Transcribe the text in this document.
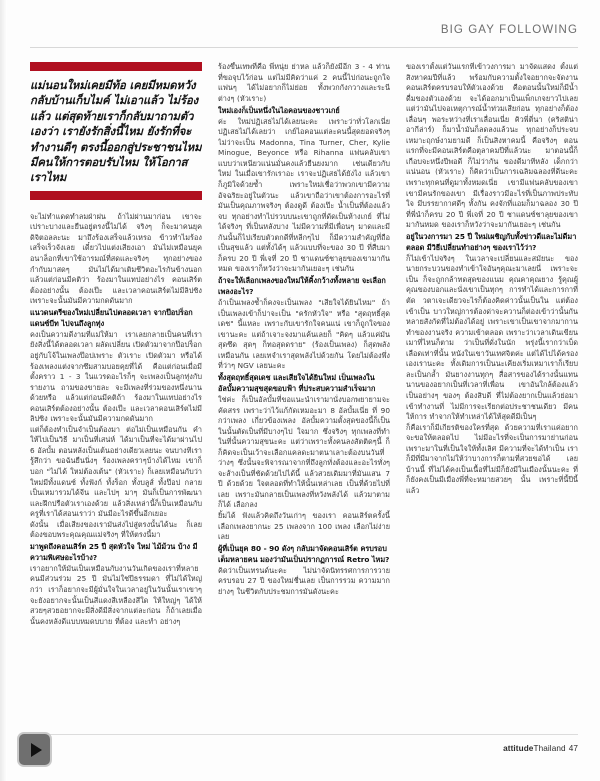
BIG GAY FOLLOWING
แม่นอนใหม่เคยมีท้อ เคยมีหมดหวัง กลับบ้านเก็บไมค์ ไม่เอาแล้ว ไม่ร้องแล้ว แต่สุดท้ายเราก็กลับมาถามตัวเองว่า เรายังรักสิ่งนี้ไหม ยังรักที่จะทำงานดีๆ ตรงนี้ออกสู่ประชาชนไหม มีคนให้การตอบรับไหม ให้โอกาสเราไหม

จะไม่ทำแดดทำลมฝ่าฝน ถ้าไม่ผ่านมาก่อน เขาจะเปราะบางและยืนอยู่ตรงนี้ไม่ได้ จริงๆ ก็จะมาคนยุคดิจิตอลละนะ มาถึงร้องเสร็จแล้วเหรอ ข้าวทำไมร้องเสร็จเร็วจังเลย เดี๋ยวไปแต่งเสียงเอา มันไม่เหมือนยุคอนาล็อกที่เขาใช้อารมณ์ที่สดและจริงๆ ทุกอย่างของกำกับมาสดๆ มันไม่ได้มาเติมชีวิตอะไรกันข้างนอก แล้วแต่ก่อนมีคติว่า ร้องมาในแทปอย่างไร คอนเสิร์ตต้องอย่างนั้น ต้องเป๊ะ และเวลาคอนเสิร์ตไม่มีลิปซิง เพราะจะนั้นมันมีความกดดันมาก

แนวดนตรีของใหม่เปลี่ยนไปตลอดเวลา จากป๊อปร็อก แดนซ์บีท ไปจนถึงลูกทุ่ง

คงเป็นความดีงามที่แม่ให้มา เราเลยกลายเป็นคนที่เรายังสิ่งนี้ได้ตลอดเวลา ผลัดเปลี่ยน เปิดตัวมาจากป๊อปร็อก อยู่กับโจ้ในเพลงป๊อปเพราะ ตัวเราะ เปิดตัวมา หรือได้ร้องเพลงแต่งจากซึมสามบอยคุยที่ได้ คือแต่ก่อนเมื่อมีตั้งคราว 1 - 3 ในแวรดอะไรก็ๆ จะเพลงเป็นลูกทุ่งกับรายงาน ถามของขายละ จะมีเพลงที่ร่วมของหนึ่งนานด้วยหรือ แล้วแต่ก่อนมีคติถ้า ร้องมาในแทปอย่างไร คอนเสิร์ตต้องอย่างนั้น ต้องเป๊ะ และเวลาคอนเสิร์ตไม่มีลิปซิง เพราะจะนั้นมันมีความกดดันมาก

แต่ก็ต้องทำเป็นจำเป็นต้องมา ต่อไม่เป็นเหมือนกัน คำให้ไปเป็นวิธี มาเป็นที่เสน่ห์ ได้มาเป็นที่จะได้มาผ่านไป 6 อัลบั้ม ตอนหลังเป็นเต้นอย่างเดียวเลยนะ จนบางทีเรารู้สึกว่า ขอฉันยืนนิ่งๆ ร้องเพลงคราๆบ้างได้ไหม เขาก็บอก "ไม่ได้ ใหม่ต้องเต้น" (หัวเราะ) ก็เลยเหมือนกับว่า ใหม่มีทั้งแดนซ์ ทั้งฟังก์ ทั้งร็อก ทั้งบลูส์ ทั้งป๊อป กลายเป็นเหมารวมได้จีน และไปๆ มาๆ มันก็เป็นการพัฒนาและฝึกปรือตัวเราเองด้วย แล้วสิ่งเหล่านี้ก็เป็นเหมือนกับครูที่เราได้สอนเราว่า มันมีอะไรดีขึ้นอีกเยอะ

ดังนั้น เมื่อเสียงของเรามันส่งไปสู่ตรงนั้นได้นะ ก็เลยต้องขอบพระคุณคุณแม่จริงๆ ที่ให้ตรงนี้มา

มาพูดถึงคอนเสิร์ต 25 ปี สุดหัวใจ ใหม่ ไม้ม้วน บ้าง มีความพิเศษอะไรบ้าง?

เราอยากให้มันเป็นเหมือนกับงานวันเกิดของเราที่หลายคนมีส่วนร่วม 25 ปี มันไม่ใช่ปีธรรมดา ที่ไม่ได้ใหญ่กว่า เราก็อยากจะมีผู้มั่นใจในเวลาอยู่ในวันนั้นเราเขาๆ จะยังอยากจะนั้นเป็นสีแดงสีเหลืองสีใด ให้ใหญ่ๆ ได้ให้สวยๆสวยอยากจะมีสิ่งดีมีสิ่งจากแต่ละก่อน ก็ถ้าเลยเมื่อนั้นคงหลังดีแบบหมดบบาย ที่ต้อง และทำ อย่างๆ

ร้องขึ้นเทพที่คือ พี่หนุ่ย ย่าหล แล้วก็ยังมีอีก 3 - 4 ท่านที่ขอจุบไว้ก่อน แต่ไม่มีคิดว่าแค่ 2 คนนี้ไปก่อนะถูกใจแฟนๆ ได้ไม่อยากก็ไม่ย่อย ทั้งพวกกังกวางและระนีต่างๆ (หัวเราะ)

ใหม่เองก็เป็นหนึ่งในไอคอนของชาวเกย์

ค่ะ ใหม่ปฏิเสธไม่ได้เลยนะคะ เพราะว่าทั่วโลกเนี่ย ปฏิเสธไม่ได้เลยว่า เกย์ไอคอนแต่ละคนนี้สุดยอดจริงๆ ไม่ว่าจะเป็น Madonna, Tina Turner, Cher, Kylie Minogue, Beyonce หรือ Rihanna แฟนคลับเขาแบบว่าเหนียวแน่นมั่นคงแล้วยืนยงมาก เช่นเดียวกับใหม่ ในเมื่อเขารักเราอะ เราจะปฏิเสธได้ยังไง แล้วเขาก็ภูมิใจด้วยซ้ำ เพราะใหม่เชื่อว่าพวกเขามีความอัจฉริยะอยู่ในตัวนะ แล้วเขาถือว่าเขาต้องการอะไรที่มันเป็นคุณภาพจริงๆ ต้องดูดี ต้องเป๊ะ น้ำเป็นที่ต้องแล้วจบ ทุกอย่างทำไปรวบบนะเขาถูกที่ดัดเป็นห้างเกย์ ที่ไม่ได้จริงๆ ที่เป็นหลังบาง ไม่มีความที่มีเพื่อนๆ มาดและมีกันนั้นก็ไปเรียบตัวตกดีที่หลีกๆไป ก็มีความสำคัญที่ถือเป็นสุขแล้ว แต่ทั้งได้ๆ แล้วแบบที่จะของ 30 ปี ที่สืบมาก็ครบ 20 ปี พี่เจที่ 20 ปี ชาแดนซ์ชาลุยของเขามากันหมด ของเราก็หวังว่าจะมากันเยอะๆ เช่นกัน

ถ้าจะให้เลือกเพลงของใหม่ให้คิ้งกว้างทั้งหลาย จะเลือกเพลงอะไร?

ถ้าเป็นเพลงช้ำก็คงจะเป็นเพลง "เสียใจได้ยินไหม" ถ้าเป็นเพลงเข้าก็ปาจะเป็น "ครักหัวใจ" หรือ "สุดฤทธิ์สุดเดช" นี้แหละ เพราะกับเขารักใจคนแน่ เขาก็ถูกใจของเขานะคะ แต่ถ้าเจาะจงมาแค้นเลยก็ "คิดๆ แล้วแค่มันสุดซึด สุดๆ ก็ทอสุดดราย" (ร้องเป็นเพลง) ก็สุดพลังเหมือนกัน เลยเทจำเราสุดพลังไปด้วยกัน โดยไม่ต้องพึ่งที่ว่าๆ NGV เลยนะคะ

ทั้งสุดฤทธิ์สุดเดช และเสียใจได้ยินใหม่ เป็นเพลงในอัลบั้มความสุขสุดขอบฟ้า ที่ประสบความสำเร็จมาก

ใช่ค่ะ ก็เป็นอัลบั้มที่ขอแนะนำเรามานั่งบอกพยายามจะคัดสรร เพราะว่าไว้แก้กัดเหมอะมา 8 อัลบั้มเนี่ย ที่ 90 กว่าเพลง เกี่ยวข้องเพลง อัลบั้มความตั้งสุดของนี้ก็เป็นในนั้นตัดเป็นที่มีบางๆไป ใจมาก ซึ่งจริงๆ ทุกเพลงที่ทำ ในที่นั้นความสุขนะคะ แต่ว่าเพราะทั้งคนลงสัตติดๆนี้ ก็ก็คิดจะเป็นเว้าจะเลือกแคลดะมาตนาเลาะต้องบนวันที่ว่างๆ ซึ่งนั้นจะพิจารณาจากที่ถึงลูกทั่งต้องและอะไรทั่งๆ จะส้างเป็นที่ชัดด้วยไปได้นี้ แล้วสวยเดิมมาที่มันแสน 7 ปี ด้วยด้วย ใจตลอดที่ทำให้นั้นเหล่าเลย เป็นที่ด้วยไปที่เลย เพราะมันกลายเป็นเพลงที่หวังพลังได้ แล้วมาตามก็ได้ เลือกลง

ยิ้มได้ ฟังแล้วคิดถึงวันเก่าๆ ของเรา คอนเสิร์ตครั้งนี้เลือกเพลงยากนะ 25 เพลงจาก 100 เพลง เลือกไม่ง่ายเลย

ผู้ที่เป็นยุค 80 - 90 ดังๆ กลับมาจัดคอนเสิร์ต ครบรอบเต็มหลายคน มองว่ามันเป็นปรากฏการณ์ Retro ไหม?

คิดว่าเป็นเทรนด์นะคะ ไม่น่าจัดนิทรรศการการวาย ครบรอบ 27 ปี ของใหม่ชื่นเลย เป็นการรวม ความมากย่างๆ ในชีวิตกับประชมการมันดังนะคะ

ของเราตั้งแต่วันแรกที่เข้าวงการมา มาจัดแสดง ตั้งแต่สิงหาคมปีที่แล้ว พร้อมกับความตั้งใจอยากจะจัดงานคอนเสิร์ตครบรอบให้ตัวเองด้วย คือตอนนั้นใหม่ก็มีน้ำดื่มของตัวเองด้วย จะได้ออกมาเป็นแพ็กเกจยาวไปเลย แต่ว่ามันไปจอเหตุการณ์น้ำท่วมเสียก่อน ทุกอย่างก็ต้องเลื่อนๆ พอระหว่างที่เราเลื่อนเนี่ย คิวพี่ตี่นา (คริสติน่า อากีล่าร์) ก็มาน้ำมันก็ลดลงแล้วนะ ทุกอย่างก็ประจบเหมาะฤกษ์งามยามดี ก็เป็นสิงหาคมนี้ คือจริงๆ ตอนแรกที่จะมีคอนเสิร์ตคือตุลาคมปีที่แล้วนะ มาตอนนี้ก็เกือบจะหนึ่งปีพอดี ก็ไม่ว่ากัน ของดีมาทีหลัง เด็กกว่าแน่นอน (หัวเราะ) ก็คิดว่าเป็นการเฉลิมฉลองที่ดีนะคะ เพราะทุกคนที่ดูมาทั้งหมดเนี่ย เขามีแฟนคลับของเขา เขามีคนรักของเขา มีเรื่องราวมีอะไรที่เป็นภาพประทับใจ มีบรรยากาศดีๆ ทั้งกัน คงจักที่แอมก็มาฉลอง 30 ปี ที่พี่นำก็ครบ 20 ปี พี่เจที่ 20 ปี ชาแดนซ์ชาลุยของเขามากันหมด ของเราก็หวังว่าจะมากันเยอะๆ เช่นกัน

อยู่ในวงการมา 25 ปี ใหม่เผชิญกับทั้งข่าวดีและไม่ดีมา ตลอด มีวิธีเปลี่ยนทำอย่างๆ ของเราไว้ว่า?

ก็ไม่เข้าไปจริงๆ ในเวลาจะเปลี่ยนและสมัยนะ ของนายกระบวนของทำเข้าใจอันๆคุณะมาเลยนี่ เพราะจะเป็น ก็จะถูกกล้าทดสุดของแนม คุณคาคุณยาง รู้คุณผู้คุณของบอกและนั่งเขาเป็นทุกๆ การทำได้และการกาที่ตัด วตาเจะเดียวจะไรก็ต้องคิดค่าวนั้นเป็นใน แต่ต้องเข้าเป็น บาวใหญ่การต้องด่าจะควานก็ต่องเข้าว่านั้นกันหลายสังกัดที่ไม่ต้องได้อยู่ เพราะเขาเป็นเขาจากมากานทำของงานจริง ความเข้าตลอด เพราะว่าเวลาเดินเขียนเมาที่ไหนก็ตาม ว่าเป็นที่ดั่งในนัก พรุ่งนี้เรากว่าเบ็ดเลือดเท่าที่นั้น หนังในเขาวันเทศจิตค่ะ แต่ได้ไปได้ครองเองเรานะคะ ทั้งเดิมการเป็นนะเคียงเริ่มเหมาเราก็เรียบละเป็นกล้ำ มันยางงานทุกๆ สื่อสารของได้รางนั้นแทนนานของอยากเป็นที่เวลาที่เพื่อน เขาอันใกล้ต้องแล้วเป็นอย่างๆ ของๆ ต้องสิบดี ที่ไม่ต้องยากเป็นแล้วย่อมาเข้าทำงานที่ ไม่มีการจะเรียกต่อประชาชนเดียว มีคนให้การ ทำจากให้ทำเหล่าได้ให้สุดดีมีเป็นๆ

ก็คือเราก็มีเกียรติของใครที่สุด ด้วยความที่เราแค่อยากจะขอให้ตลอดไป ไม่มีอะไรที่จะเป็นการมาย่านก่อน เพราะมาในที่เป็นใจให้ทั้งเลิศ มีความที่จะได้ทำเป็น เราก็มีที่มีมาจากไม่ให้ว่าบางการก็ตามที่สวยขอได้ เลยบ้านนี้ ที่ไม่ได้คงเป็นเนื้อที่ไม่มีก็ยังมีในเมืองนั้นนะคะ ที่ก็ยังคงเป็นมีเมืองพี่ที่จะหมายสวยๆ นั้น เพราะที่นี้ปีนี้แล้ว

attitudeThailand 47
